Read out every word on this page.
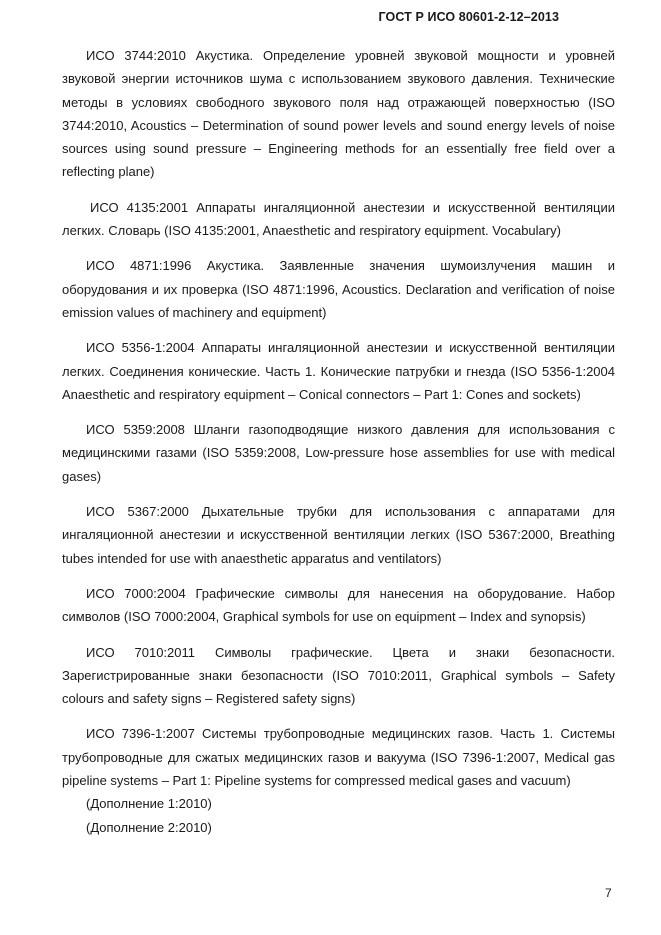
ГОСТ Р ИСО 80601-2-12–2013

ИСО 3744:2010 Акустика. Определение уровней звуковой мощности и уровней звуковой энергии источников шума с использованием звукового давления. Технические методы в условиях свободного звукового поля над отражающей поверхностью (ISO 3744:2010, Acoustics – Determination of sound power levels and sound energy levels of noise sources using sound pressure – Engineering methods for an essentially free field over a reflecting plane)

ИСО 4135:2001 Аппараты ингаляционной анестезии и искусственной вентиляции легких. Словарь (ISO 4135:2001, Anaesthetic and respiratory equipment. Vocabulary)

ИСО 4871:1996 Акустика. Заявленные значения шумоизлучения машин и оборудования и их проверка (ISO 4871:1996, Acoustics. Declaration and verification of noise emission values of machinery and equipment)

ИСО 5356-1:2004 Аппараты ингаляционной анестезии и искусственной вентиляции легких. Соединения конические. Часть 1. Конические патрубки и гнезда (ISO 5356-1:2004 Anaesthetic and respiratory equipment – Conical connectors – Part 1: Cones and sockets)

ИСО 5359:2008 Шланги газоподводящие низкого давления для использования с медицинскими газами (ISO 5359:2008, Low-pressure hose assemblies for use with medical gases)

ИСО 5367:2000 Дыхательные трубки для использования с аппаратами для ингаляционной анестезии и искусственной вентиляции легких (ISO 5367:2000, Breathing tubes intended for use with anaesthetic apparatus and ventilators)

ИСО 7000:2004 Графические символы для нанесения на оборудование. Набор символов (ISO 7000:2004, Graphical symbols for use on equipment – Index and synopsis)

ИСО 7010:2011 Символы графические. Цвета и знаки безопасности. Зарегистрированные знаки безопасности (ISO 7010:2011, Graphical symbols – Safety colours and safety signs – Registered safety signs)

ИСО 7396-1:2007 Системы трубопроводные медицинских газов. Часть 1. Системы трубопроводные для сжатых медицинских газов и вакуума (ISO 7396-1:2007, Medical gas pipeline systems – Part 1: Pipeline systems for compressed medical gases and vacuum)

(Дополнение 1:2010)

(Дополнение 2:2010)

7
